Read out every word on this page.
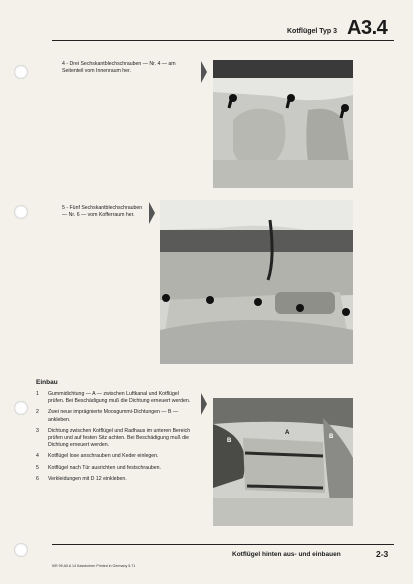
Kotflügel Typ 3 A3.4
4 - Drei Sechskantblechschrauben — Nr. 4 — am Seitenteil vom Innenraum her.
5 - Fünf Sechskantblechschrauben — Nr. 6 — vom Kofferraum her.
Einbau
1	Gummidichtung — A — zwischen Luftkanal und Kotflügel prüfen. Bei Beschädigung muß die Dichtung erneuert werden.
2	Zwei neue imprägnierte Moosgummi-Dichtungen — B — ankleben.
3	Dichtung zwischen Kotflügel und Radhaus im unteren Bereich prüfen und auf festen Sitz achten. Bei Beschädigung muß die Dichtung erneuert werden.
4	Kotflügel lose anschrauben und Keder einlegen.
5	Kotflügel nach Tür ausrichten und festschrauben.
6	Verkleidungen mit D 12 einkleben.
A
B
B
5/R 99.A5 A 14 Kassbohrer Printed in Germany 5.71
Kotflügel hinten aus- und einbauen	2-3
